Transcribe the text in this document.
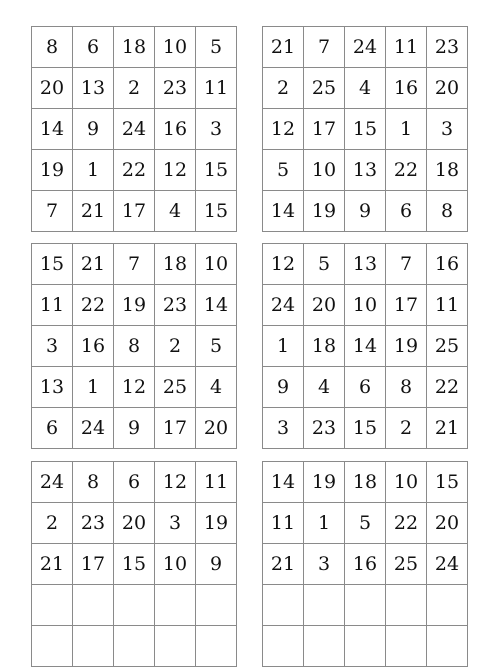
8	6	18	10	5
20	13	2	23	11
14	9	24	16	3
19	1	22	12	15
7	21	17	4	15
21	7	24	11	23
2	25	4	16	20
12	17	15	1	3
5	10	13	22	18
14	19	9	6	8
15	21	7	18	10
11	22	19	23	14
3	16	8	2	5
13	1	12	25	4
6	24	9	17	20
12	5	13	7	16
24	20	10	17	11
1	18	14	19	25
9	4	6	8	22
3	23	15	2	21
24	8	6	12	11
2	23	20	3	19
21	17	15	10	9

14	19	18	10	15
11	1	5	22	20
21	3	16	25	24
